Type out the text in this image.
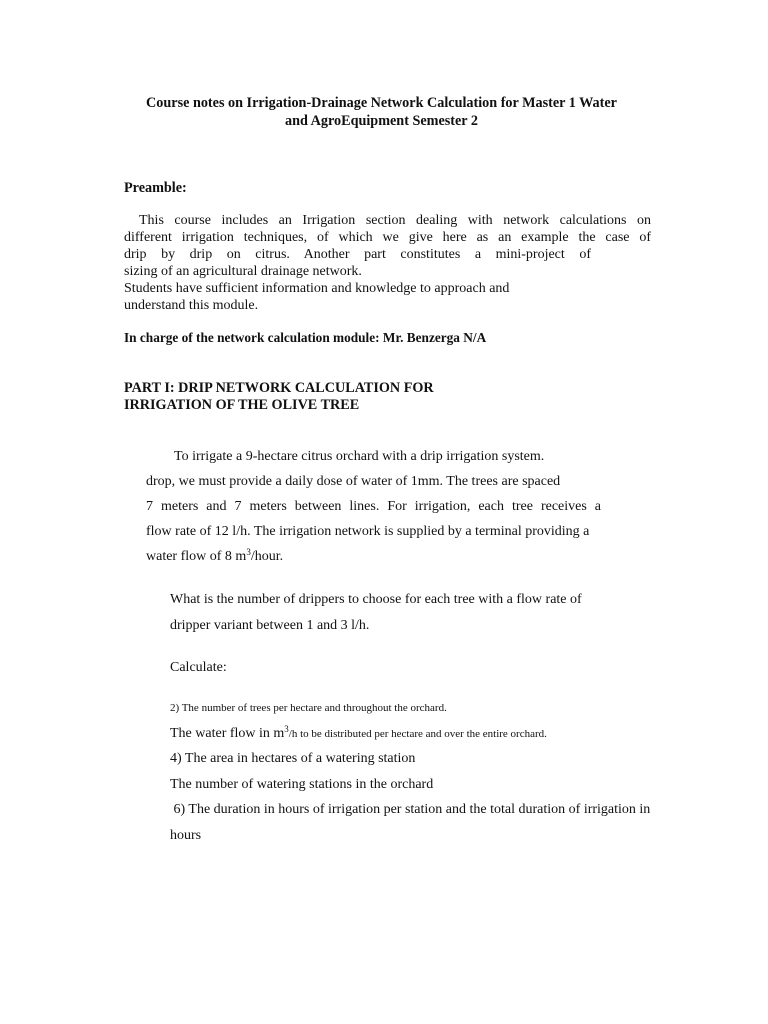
Course notes on Irrigation-Drainage Network Calculation for Master 1 Water
and AgroEquipment Semester 2
Preamble:
This course includes an Irrigation section dealing with network calculations on
different irrigation techniques, of which we give here as an example the case of
drip by drip on citrus. Another part constitutes a mini-project of
sizing of an agricultural drainage network.
Students have sufficient information and knowledge to approach and
understand this module.
In charge of the network calculation module: Mr. Benzerga N/A
PART I: DRIP NETWORK CALCULATION FOR
IRRIGATION OF THE OLIVE TREE
To irrigate a 9-hectare citrus orchard with a drip irrigation system.
drop, we must provide a daily dose of water of 1mm. The trees are spaced
7 meters and 7 meters between lines. For irrigation, each tree receives a
flow rate of 12 l/h. The irrigation network is supplied by a terminal providing a
water flow of 8 $m^3$/hour.
What is the number of drippers to choose for each tree with a flow rate of
dripper variant between 1 and 3 l/h.
Calculate:
2) The number of trees per hectare and throughout the orchard.
The water flow in $m^3/h$ to be distributed per hectare and over the entire orchard.
4) The area in hectares of a watering station
The number of watering stations in the orchard
6) The duration in hours of irrigation per station and the total duration of irrigation in
hours
